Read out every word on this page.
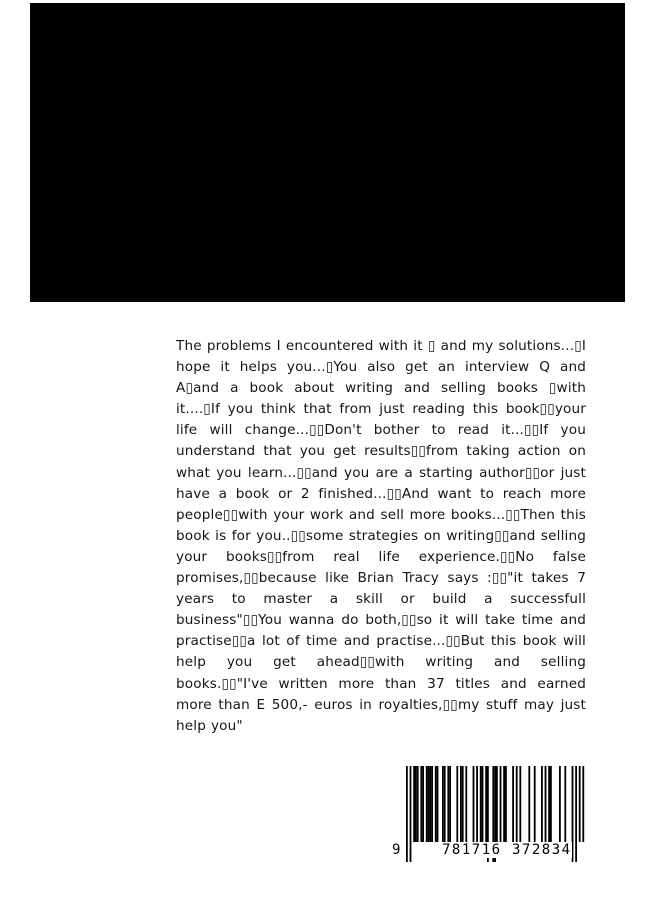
The problems I encountered with it ▯ and my solutions...▯I hope it helps you...▯You also get an interview Q and A▯and a book about writing and selling books ▯with it....▯If you think that from just reading this book▯▯your life will change...▯▯Don't bother to read it...▯▯If you understand that you get results▯▯from taking action on what you learn...▯▯and you are a starting author▯▯or just have a book or 2 finished...▯▯And want to reach more people▯▯with your work and sell more books...▯▯Then this book is for you..▯▯some strategies on writing▯▯and selling your books▯▯from real life experience.▯▯No false promises,▯▯because like Brian Tracy says :▯▯"it takes 7 years to master a skill or build a successfull business"▯▯You wanna do both,▯▯so it will take time and practise▯▯a lot of time and practise...▯▯But this book will help you get ahead▯▯with writing and selling books.▯▯"I've written more than 37 titles and earned more than E 500,- euros in royalties,▯▯my stuff may just help you"
9	781716 372834
